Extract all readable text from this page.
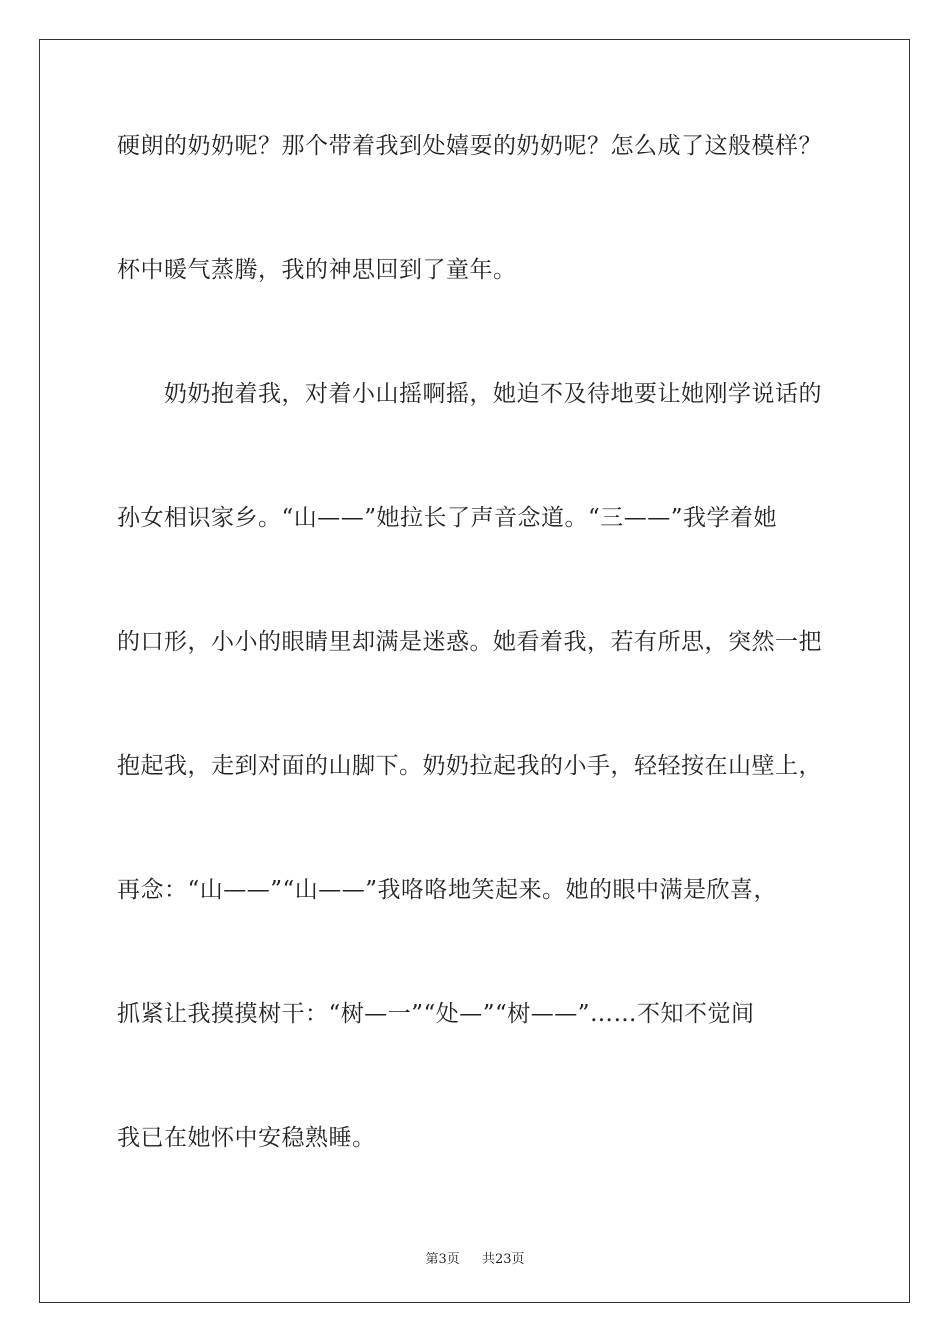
硬朗的奶奶呢？那个带着我到处嬉耍的奶奶呢？怎么成了这般模样？
杯中暖气蒸腾，我的神思回到了童年。
奶奶抱着我，对着小山摇啊摇，她迫不及待地要让她刚学说话的
孙女相识家乡。“山——”她拉长了声音念道。“三——”我学着她
的口形，小小的眼睛里却满是迷惑。她看着我，若有所思，突然一把
抱起我，走到对面的山脚下。奶奶拉起我的小手，轻轻按在山壁上，
再念：“山——”“山——”我咯咯地笑起来。她的眼中满是欣喜，
抓紧让我摸摸树干：“树—一”“处—”“树——”……不知不觉间
我已在她怀中安稳熟睡。
第3页 共23页
